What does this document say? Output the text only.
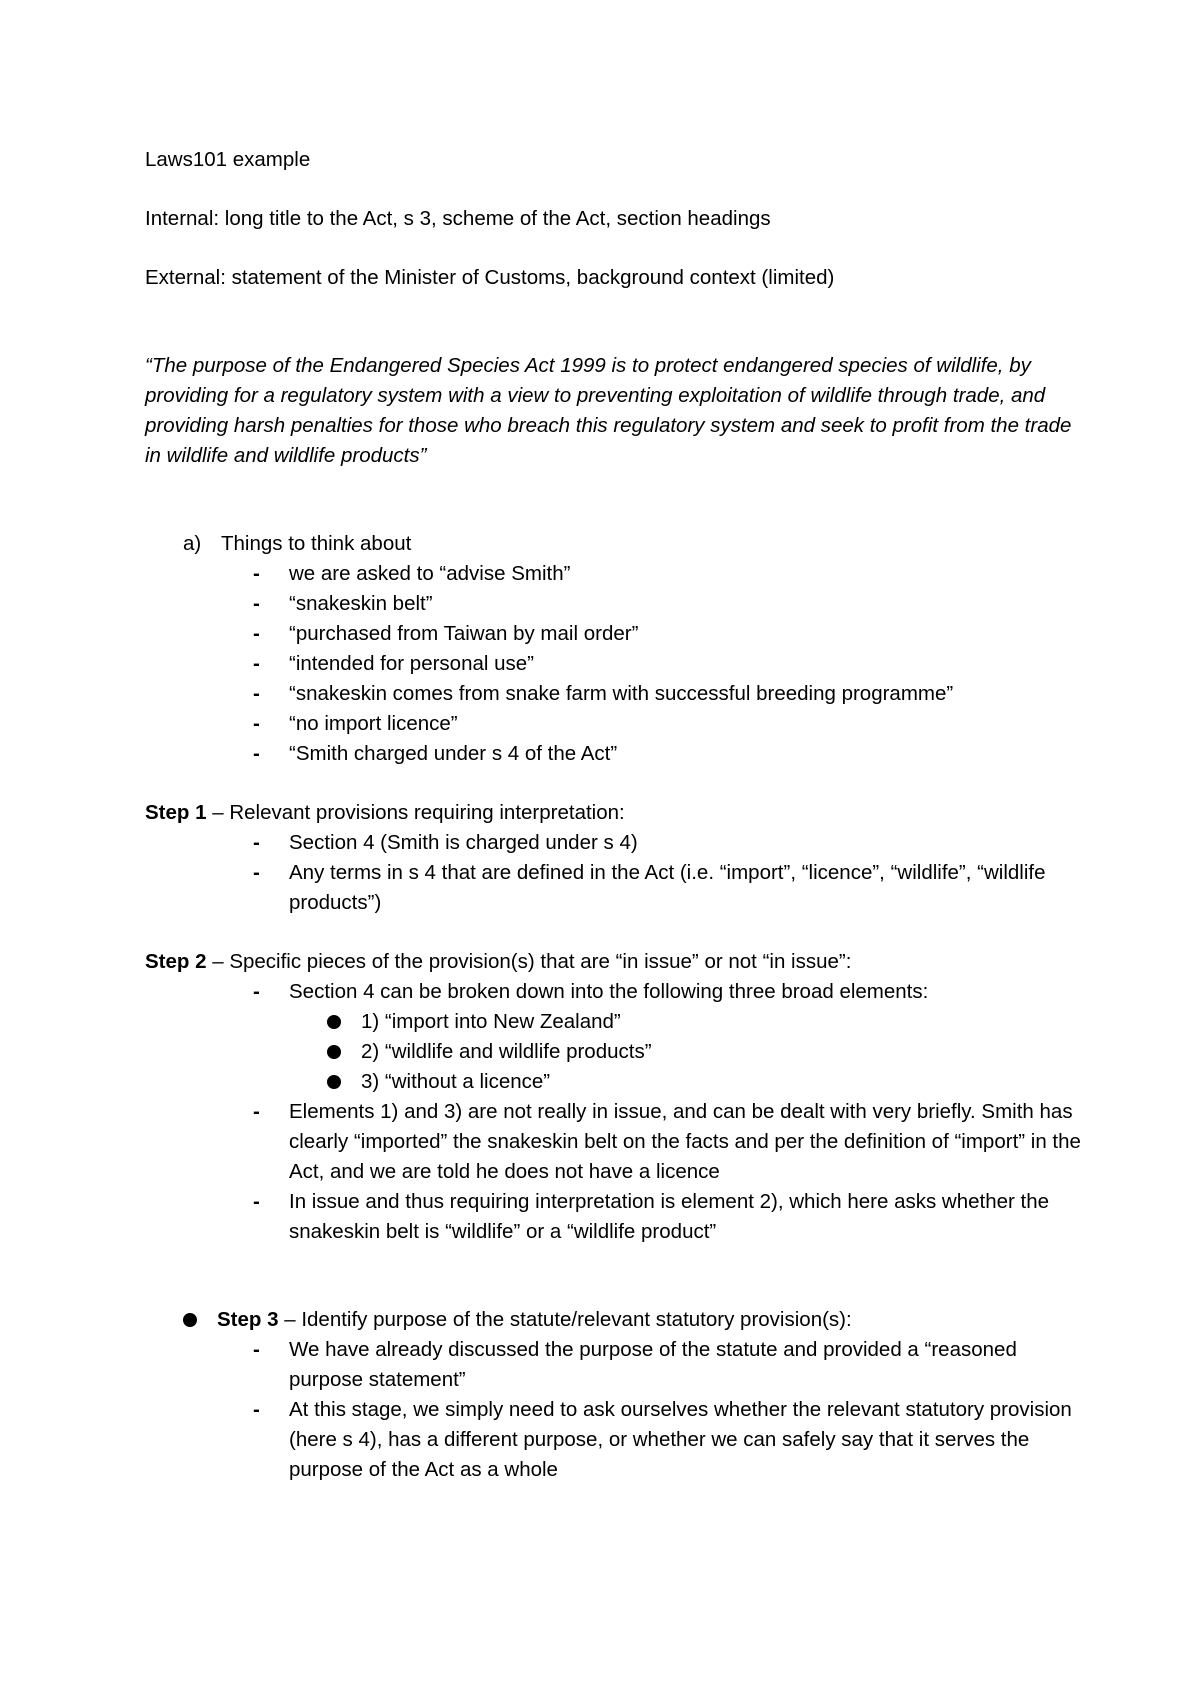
Laws101 example

Internal: long title to the Act, s 3, scheme of the Act, section headings

External: statement of the Minister of Customs, background context (limited)

“The purpose of the Endangered Species Act 1999 is to protect endangered species of wildlife, by providing for a regulatory system with a view to preventing exploitation of wildlife through trade, and providing harsh penalties for those who breach this regulatory system and seek to profit from the trade in wildlife and wildlife products”

a) Things to think about
-	we are asked to “advise Smith”
-	“snakeskin belt”
-	“purchased from Taiwan by mail order”
-	“intended for personal use”
-	“snakeskin comes from snake farm with successful breeding programme”
-	“no import licence”
-	“Smith charged under s 4 of the Act”

Step 1 – Relevant provisions requiring interpretation:

-	Section 4 (Smith is charged under s 4)
-	Any terms in s 4 that are defined in the Act (i.e. “import”, “licence”, “wildlife”, “wildlife products”)

Step 2 – Specific pieces of the provision(s) that are “in issue” or not “in issue”:

-	Section 4 can be broken down into the following three broad elements:
1) “import into New Zealand”
2) “wildlife and wildlife products”
3) “without a licence”
-	Elements 1) and 3) are not really in issue, and can be dealt with very briefly. Smith has clearly “imported” the snakeskin belt on the facts and per the definition of “import” in the Act, and we are told he does not have a licence
-	In issue and thus requiring interpretation is element 2), which here asks whether the snakeskin belt is “wildlife” or a “wildlife product”
Step 3 – Identify purpose of the statute/relevant statutory provision(s):
-	We have already discussed the purpose of the statute and provided a “reasoned purpose statement”
-	At this stage, we simply need to ask ourselves whether the relevant statutory provision (here s 4), has a different purpose, or whether we can safely say that it serves the purpose of the Act as a whole
